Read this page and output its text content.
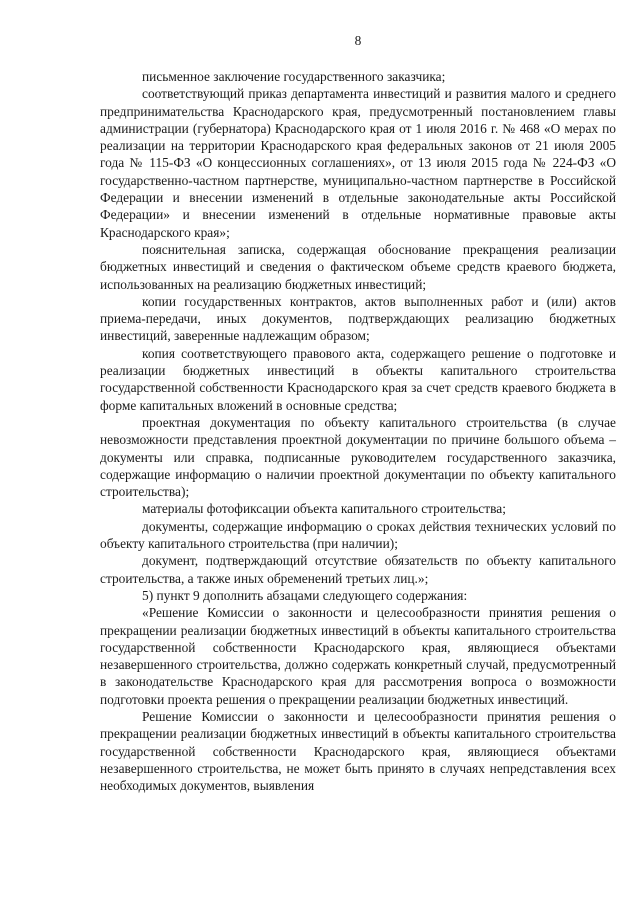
8

письменное заключение государственного заказчика;

соответствующий приказ департамента инвестиций и развития малого и среднего предпринимательства Краснодарского края, предусмотренный постановлением главы администрации (губернатора) Краснодарского края от 1 июля 2016 г. № 468 «О мерах по реализации на территории Краснодарского края федеральных законов от 21 июля 2005 года № 115-ФЗ «О концессионных соглашениях», от 13 июля 2015 года № 224-ФЗ «О государственно-частном партнерстве, муниципально-частном партнерстве в Российской Федерации и внесении изменений в отдельные законодательные акты Российской Федерации» и внесении изменений в отдельные нормативные правовые акты Краснодарского края»;

пояснительная записка, содержащая обоснование прекращения реализации бюджетных инвестиций и сведения о фактическом объеме средств краевого бюджета, использованных на реализацию бюджетных инвестиций;

копии государственных контрактов, актов выполненных работ и (или) актов приема-передачи, иных документов, подтверждающих реализацию бюджетных инвестиций, заверенные надлежащим образом;

копия соответствующего правового акта, содержащего решение о подготовке и реализации бюджетных инвестиций в объекты капитального строительства государственной собственности Краснодарского края за счет средств краевого бюджета в форме капитальных вложений в основные средства;

проектная документация по объекту капитального строительства (в случае невозможности представления проектной документации по причине большого объема – документы или справка, подписанные руководителем государственного заказчика, содержащие информацию о наличии проектной документации по объекту капитального строительства);

материалы фотофиксации объекта капитального строительства;

документы, содержащие информацию о сроках действия технических условий по объекту капитального строительства (при наличии);

документ, подтверждающий отсутствие обязательств по объекту капитального строительства, а также иных обременений третьих лиц.»;

5) пункт 9 дополнить абзацами следующего содержания:

«Решение Комиссии о законности и целесообразности принятия решения о прекращении реализации бюджетных инвестиций в объекты капитального строительства государственной собственности Краснодарского края, являющиеся объектами незавершенного строительства, должно содержать конкретный случай, предусмотренный в законодательстве Краснодарского края для рассмотрения вопроса о возможности подготовки проекта решения о прекращении реализации бюджетных инвестиций.

Решение Комиссии о законности и целесообразности принятия решения о прекращении реализации бюджетных инвестиций в объекты капитального строительства государственной собственности Краснодарского края, являющиеся объектами незавершенного строительства, не может быть принято в случаях непредставления всех необходимых документов, выявления
